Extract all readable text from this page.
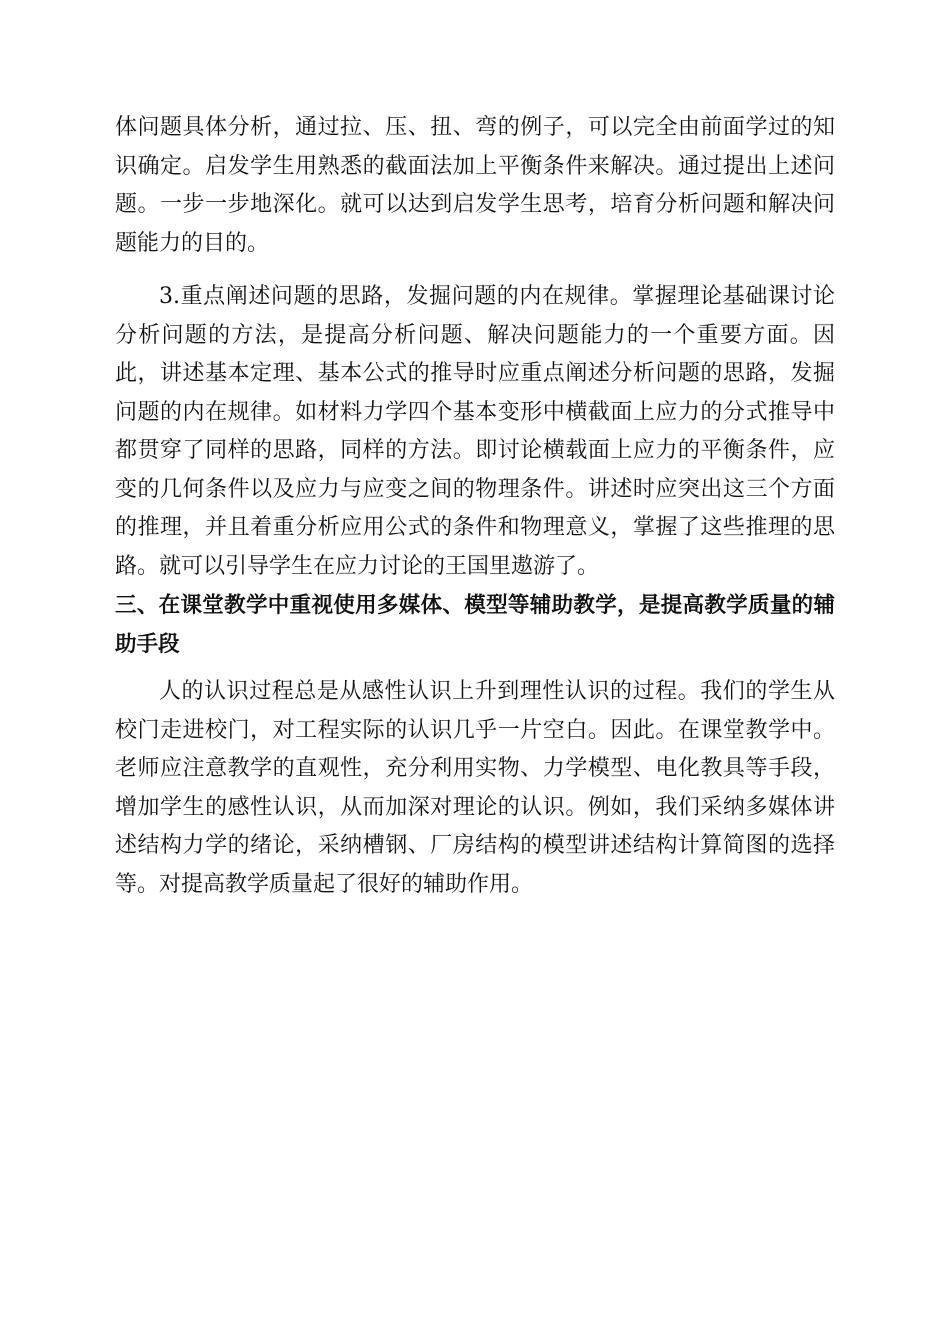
体问题具体分析，通过拉、压、扭、弯的例子，可以完全由前面学过的知识确定。启发学生用熟悉的截面法加上平衡条件来解决。通过提出上述问题。一步一步地深化。就可以达到启发学生思考，培育分析问题和解决问题能力的目的。

3.重点阐述问题的思路，发掘问题的内在规律。掌握理论基础课讨论分析问题的方法，是提高分析问题、解决问题能力的一个重要方面。因此，讲述基本定理、基本公式的推导时应重点阐述分析问题的思路，发掘问题的内在规律。如材料力学四个基本变形中横截面上应力的分式推导中都贯穿了同样的思路，同样的方法。即讨论横载面上应力的平衡条件，应变的几何条件以及应力与应变之间的物理条件。讲述时应突出这三个方面的推理，并且着重分析应用公式的条件和物理意义，掌握了这些推理的思路。就可以引导学生在应力讨论的王国里遨游了。

三、在课堂教学中重视使用多媒体、模型等辅助教学，是提高教学质量的辅助手段

人的认识过程总是从感性认识上升到理性认识的过程。我们的学生从校门走进校门，对工程实际的认识几乎一片空白。因此。在课堂教学中。老师应注意教学的直观性，充分利用实物、力学模型、电化教具等手段，增加学生的感性认识，从而加深对理论的认识。例如，我们采纳多媒体讲述结构力学的绪论，采纳槽钢、厂房结构的模型讲述结构计算简图的选择等。对提高教学质量起了很好的辅助作用。
